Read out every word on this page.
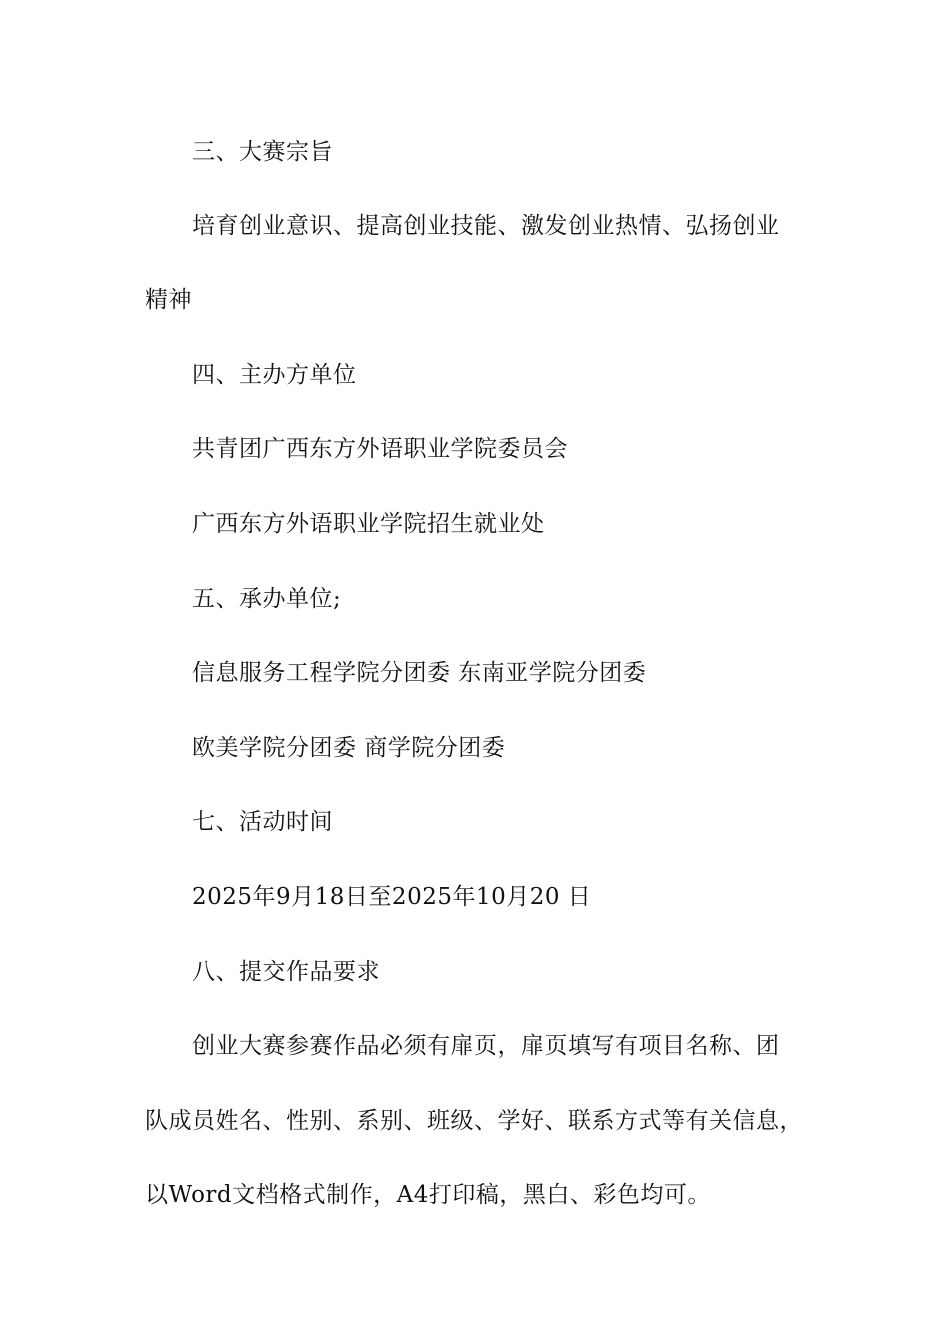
三、大赛宗旨
培育创业意识、提高创业技能、激发创业热情、弘扬创业
精神
四、主办方单位
共青团广西东方外语职业学院委员会
广西东方外语职业学院招生就业处
五、承办单位;
信息服务工程学院分团委 东南亚学院分团委
欧美学院分团委 商学院分团委
七、活动时间
2025年9月18日至2025年10月20 日
八、提交作品要求
创业大赛参赛作品必须有扉页，扉页填写有项目名称、团
队成员姓名、性别、系别、班级、学好、联系方式等有关信息，
以Word文档格式制作，A4打印稿，黑白、彩色均可。
